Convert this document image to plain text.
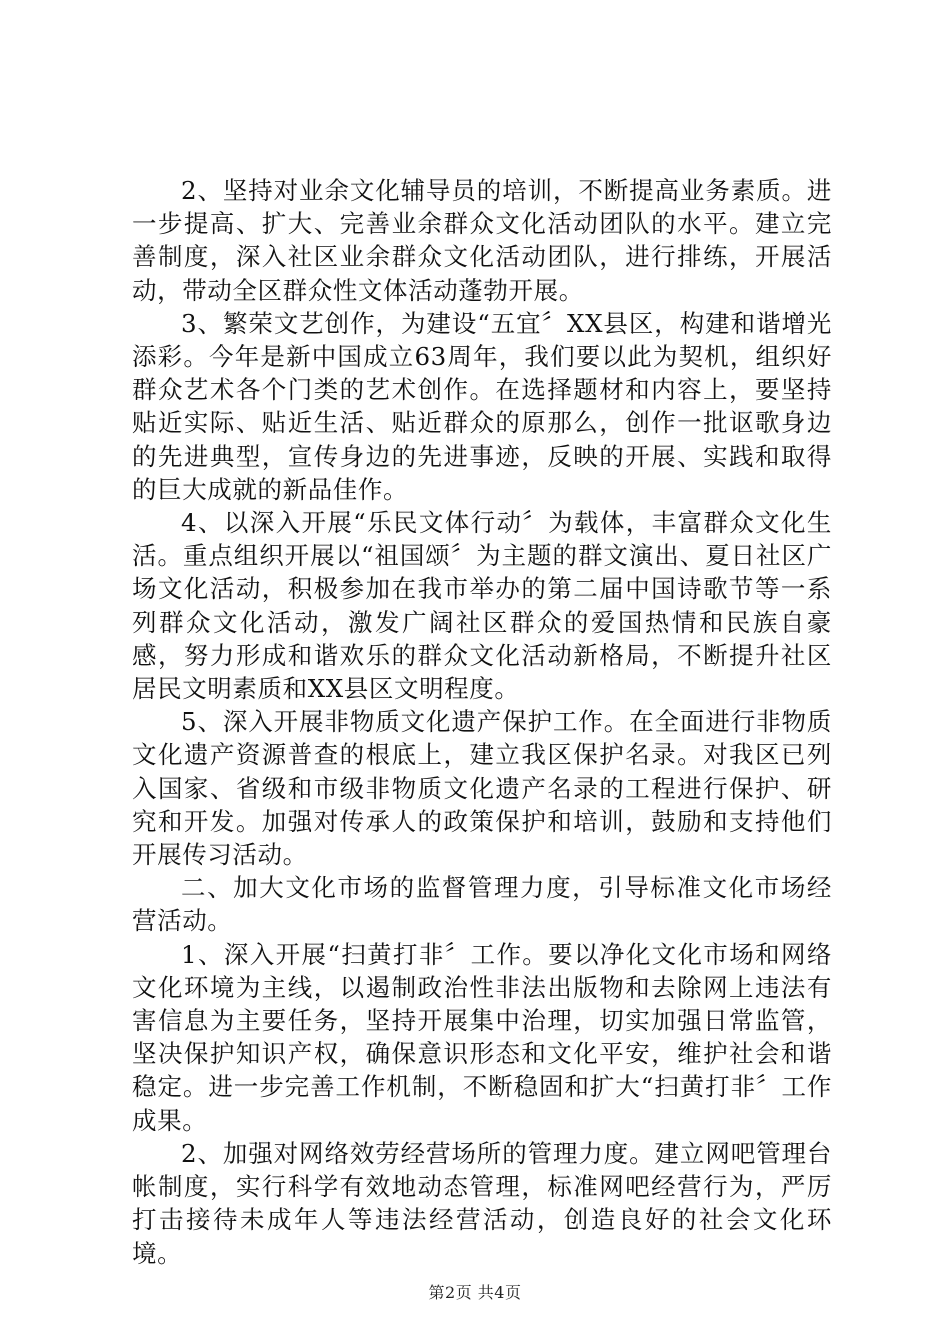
2、坚持对业余文化辅导员的培训，不断提高业务素质。进一步提高、扩大、完善业余群众文化活动团队的水平。建立完善制度，深入社区业余群众文化活动团队，进行排练，开展活动，带动全区群众性文体活动蓬勃开展。

3、繁荣文艺创作，为建设“五宜〞XX县区，构建和谐增光添彩。今年是新中国成立63周年，我们要以此为契机，组织好群众艺术各个门类的艺术创作。在选择题材和内容上，要坚持贴近实际、贴近生活、贴近群众的原那么，创作一批讴歌身边的先进典型，宣传身边的先进事迹，反映的开展、实践和取得的巨大成就的新品佳作。

4、以深入开展“乐民文体行动〞为载体，丰富群众文化生活。重点组织开展以“祖国颂〞为主题的群文演出、夏日社区广场文化活动，积极参加在我市举办的第二届中国诗歌节等一系列群众文化活动，激发广阔社区群众的爱国热情和民族自豪感，努力形成和谐欢乐的群众文化活动新格局，不断提升社区居民文明素质和XX县区文明程度。

5、深入开展非物质文化遗产保护工作。在全面进行非物质文化遗产资源普查的根底上，建立我区保护名录。对我区已列入国家、省级和市级非物质文化遗产名录的工程进行保护、研究和开发。加强对传承人的政策保护和培训，鼓励和支持他们开展传习活动。

二、加大文化市场的监督管理力度，引导标准文化市场经营活动。

1、深入开展“扫黄打非〞工作。要以净化文化市场和网络文化环境为主线，以遏制政治性非法出版物和去除网上违法有害信息为主要任务，坚持开展集中治理，切实加强日常监管，坚决保护知识产权，确保意识形态和文化平安，维护社会和谐稳定。进一步完善工作机制，不断稳固和扩大“扫黄打非〞工作成果。

2、加强对网络效劳经营场所的管理力度。建立网吧管理台帐制度，实行科学有效地动态管理，标准网吧经营行为，严厉打击接待未成年人等违法经营活动，创造良好的社会文化环境。

第2页 共4页
